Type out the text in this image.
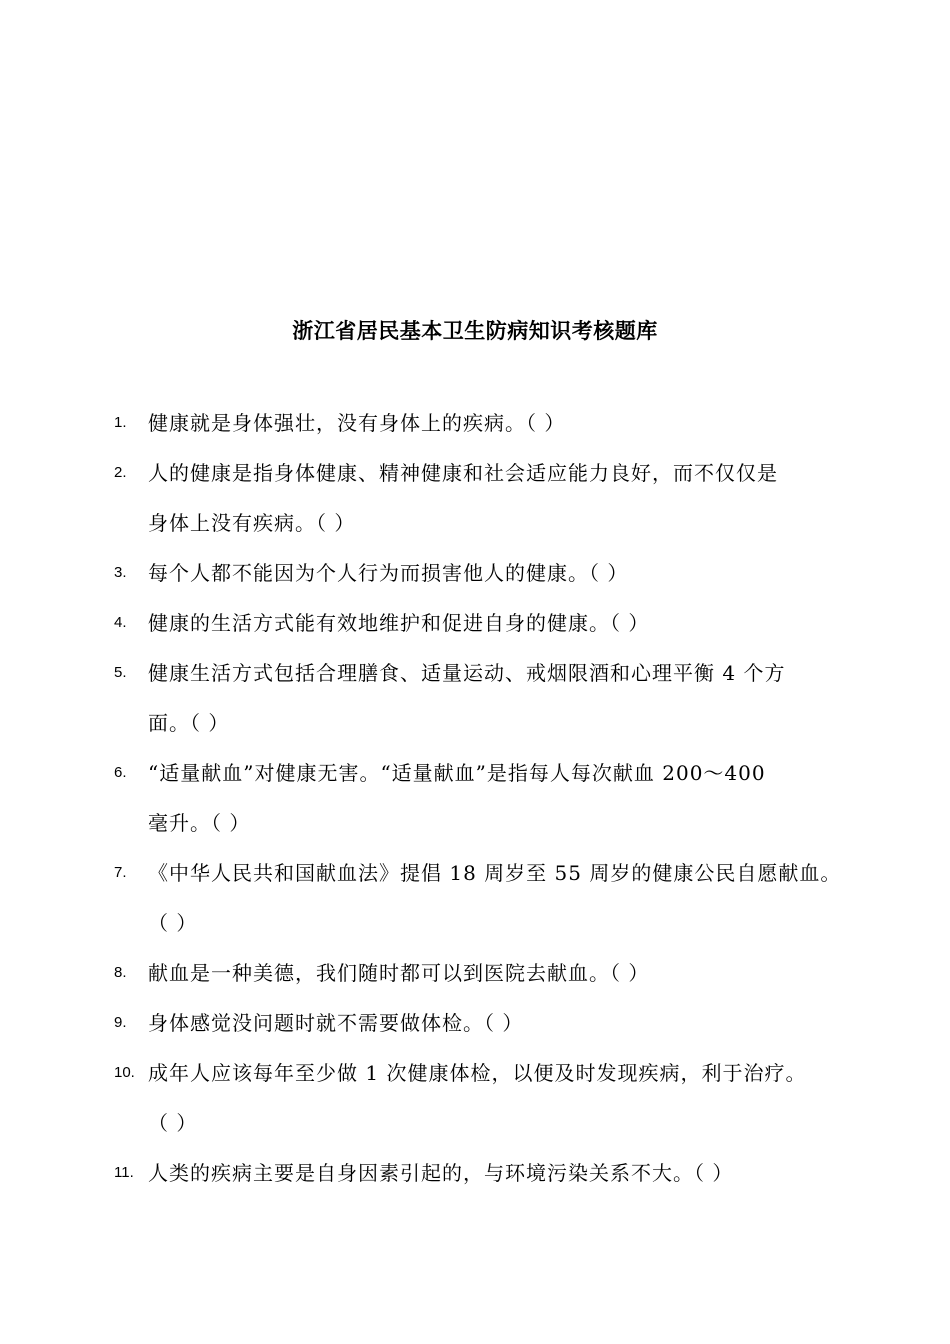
浙江省居民基本卫生防病知识考核题库
1. 健康就是身体强壮，没有身体上的疾病。（ ）
2. 人的健康是指身体健康、精神健康和社会适应能力良好，而不仅仅是
身体上没有疾病。（ ）
3. 每个人都不能因为个人行为而损害他人的健康。（ ）
4. 健康的生活方式能有效地维护和促进自身的健康。（ ）
5. 健康生活方式包括合理膳食、适量运动、戒烟限酒和心理平衡 4 个方
面。（ ）
6. “适量献血”对健康无害。“适量献血”是指每人每次献血 200～400
毫升。（ ）
7. 《中华人民共和国献血法》提倡 18 周岁至 55 周岁的健康公民自愿献血。
（ ）
8. 献血是一种美德，我们随时都可以到医院去献血。（ ）
9. 身体感觉没问题时就不需要做体检。（ ）
10. 成年人应该每年至少做 1 次健康体检，以便及时发现疾病，利于治疗。
（ ）
11. 人类的疾病主要是自身因素引起的，与环境污染关系不大。（ ）
